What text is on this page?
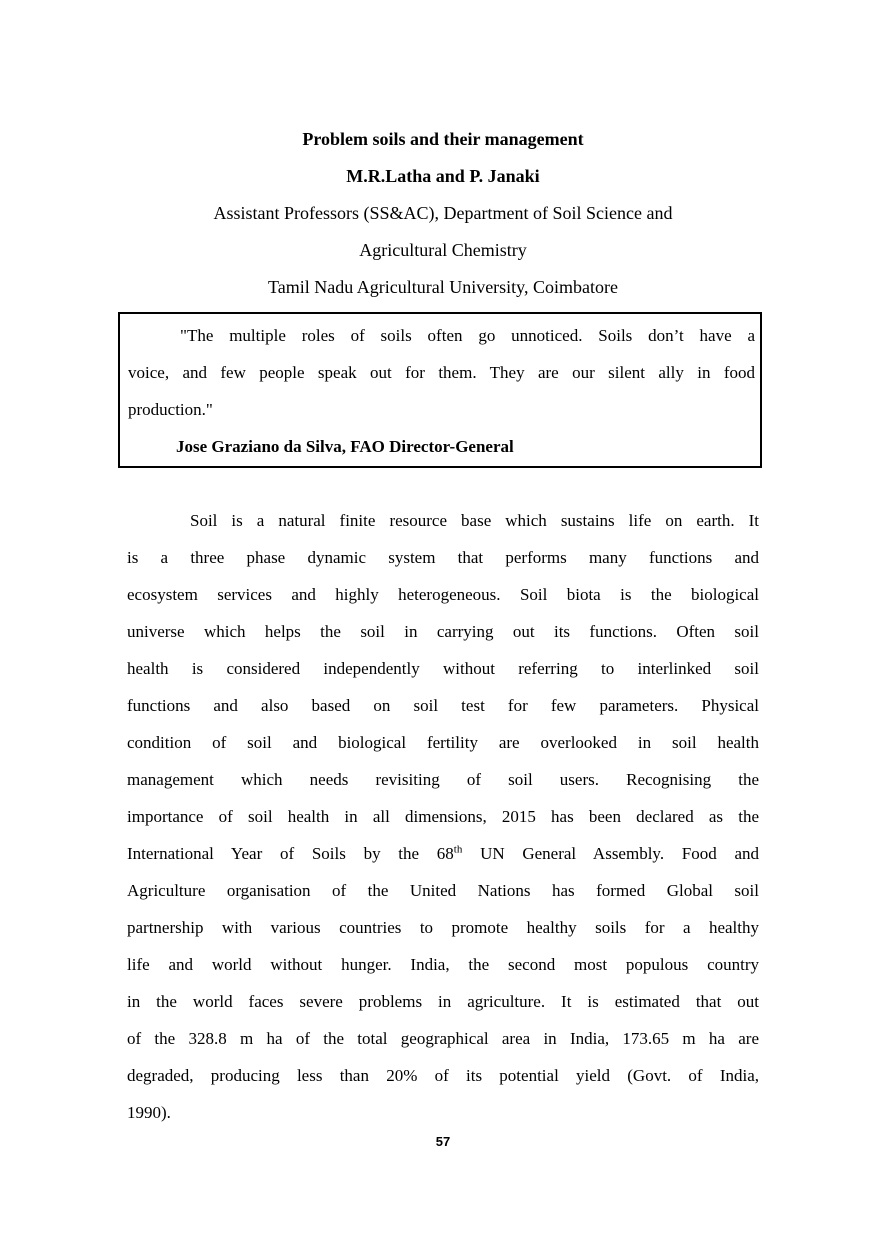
Problem soils and their management
M.R.Latha and P. Janaki
Assistant Professors (SS&AC), Department of Soil Science and
Agricultural Chemistry
Tamil Nadu Agricultural University, Coimbatore
"The multiple roles of soils often go unnoticed. Soils don’t have a
voice, and few people speak out for them. They are our silent ally in food
production."
Jose Graziano da Silva, FAO Director-General
Soil is a natural finite resource base which sustains life on earth. It
is a three phase dynamic system that performs many functions and
ecosystem services and highly heterogeneous. Soil biota is the biological
universe which helps the soil in carrying out its functions. Often soil
health is considered independently without referring to interlinked soil
functions and also based on soil test for few parameters. Physical
condition of soil and biological fertility are overlooked in soil health
management which needs revisiting of soil users. Recognising the
importance of soil health in all dimensions, 2015 has been declared as the
International Year of Soils by the 68th UN General Assembly. Food and
Agriculture organisation of the United Nations has formed Global soil
partnership with various countries to promote healthy soils for a healthy
life and world without hunger. India, the second most populous country
in the world faces severe problems in agriculture. It is estimated that out
of the 328.8 m ha of the total geographical area in India, 173.65 m ha are
degraded, producing less than 20% of its potential yield (Govt. of India,
1990).
57
